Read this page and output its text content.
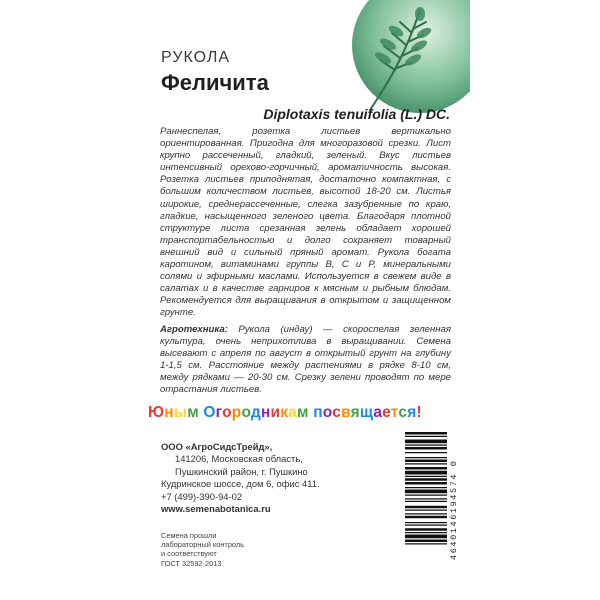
РУКОЛА
Феличита
Diplotaxis tenuifolia (L.) DC.
Раннеспелая, розетка листьев вертикально ориентированная. Пригодна для многоразовой срезки. Лист крупно рассеченный, гладкий, зеленый. Вкус листьев интенсивный орехово-горчичный, ароматичность высокая. Розетка листьев приподнятая, достаточно компактная, с большим количеством листьев, высотой 18-20 см. Листья широкие, среднерассеченные, слегка зазубренные по краю, гладкие, насыщенного зеленого цвета. Благодаря плотной структуре листа срезанная зелень обладает хорошей транспортабельностью и долго сохраняет товарный внешний вид и сильный пряный аромат. Рукола богата каротином, витаминами группы В, С и Р, минеральными солями и эфирными маслами. Используется в свежем виде в салатах и в качестве гарниров к мясным и рыбным блюдам. Рекомендуется для выращивания в открытом и защищенном грунте.
Агротехника: Рукола (индау) — скороспелая зеленная культура, очень неприхотлива в выращивании. Семена высевают с апреля по август в открытый грунт на глубину 1-1,5 см. Расстояние между растениями в рядке 8-10 см, между рядками — 20-30 см. Срезку зелени проводят по мере отрастания листьев.
Юным Огородникам посвящается!
ООО «АгроСидсТрейд»,

141206, Московская область,
Пушкинский район, г. Пушкино
Кудринское шоссе, дом 6, офис 411.
+7 (499)-390-94-02
www.semenabotanica.ru
Семена прошли
лабораторный контроль
и соответствуют
ГОСТ 32592-2013
4640146194574 0
